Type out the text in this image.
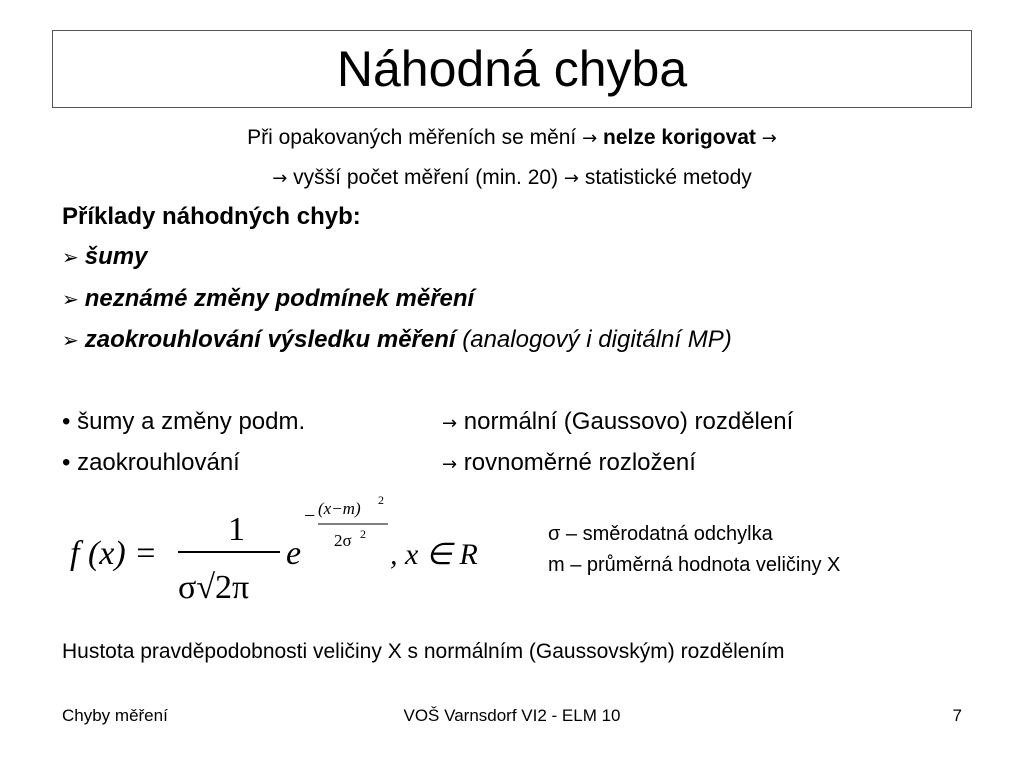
Náhodná chyba
Při opakovaných měřeních se mění → nelze korigovat →
→ vyšší počet měření (min. 20) → statistické metody
Příklady náhodných chyb:
➢ šumy
➢ neznámé změny podmínek měření
➢ zaokrouhlování výsledku měření (analogový i digitální MP)
• šumy a změny podm.	→ normální (Gaussovo) rozdělení
• zaokrouhlování	→ rovnoměrné rozložení
f (x) =
1
σ√2π
e
− (x−m) 2
2σ 2
, x ∈ R
σ – směrodatná odchylka
m – průměrná hodnota veličiny X
Hustota pravděpodobnosti veličiny X s normálním (Gaussovským) rozdělením
Chyby měření	VOŠ Varnsdorf VI2 - ELM 10	7
